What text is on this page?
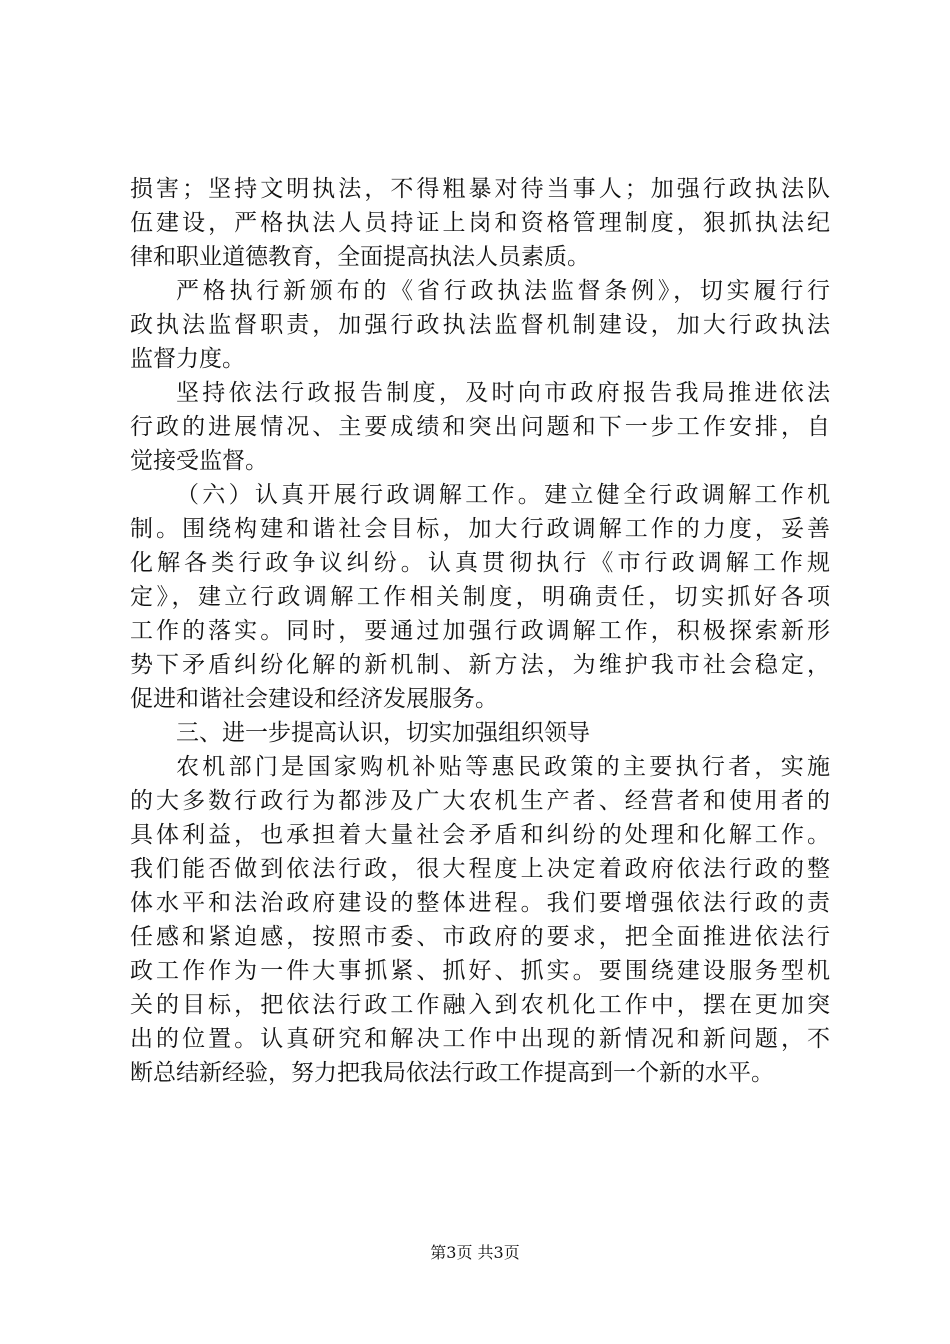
损害；坚持文明执法，不得粗暴对待当事人；加强行政执法队
伍建设，严格执法人员持证上岗和资格管理制度，狠抓执法纪
律和职业道德教育，全面提高执法人员素质。
严格执行新颁布的《省行政执法监督条例》，切实履行行
政执法监督职责，加强行政执法监督机制建设，加大行政执法
监督力度。
坚持依法行政报告制度，及时向市政府报告我局推进依法
行政的进展情况、主要成绩和突出问题和下一步工作安排，自
觉接受监督。
（六）认真开展行政调解工作。建立健全行政调解工作机
制。围绕构建和谐社会目标，加大行政调解工作的力度，妥善
化解各类行政争议纠纷。认真贯彻执行《市行政调解工作规
定》，建立行政调解工作相关制度，明确责任，切实抓好各项
工作的落实。同时，要通过加强行政调解工作，积极探索新形
势下矛盾纠纷化解的新机制、新方法，为维护我市社会稳定，
促进和谐社会建设和经济发展服务。
三、进一步提高认识，切实加强组织领导
农机部门是国家购机补贴等惠民政策的主要执行者，实施
的大多数行政行为都涉及广大农机生产者、经营者和使用者的
具体利益，也承担着大量社会矛盾和纠纷的处理和化解工作。
我们能否做到依法行政，很大程度上决定着政府依法行政的整
体水平和法治政府建设的整体进程。我们要增强依法行政的责
任感和紧迫感，按照市委、市政府的要求，把全面推进依法行
政工作作为一件大事抓紧、抓好、抓实。要围绕建设服务型机
关的目标，把依法行政工作融入到农机化工作中，摆在更加突
出的位置。认真研究和解决工作中出现的新情况和新问题，不
断总结新经验，努力把我局依法行政工作提高到一个新的水平。
第3页 共3页
